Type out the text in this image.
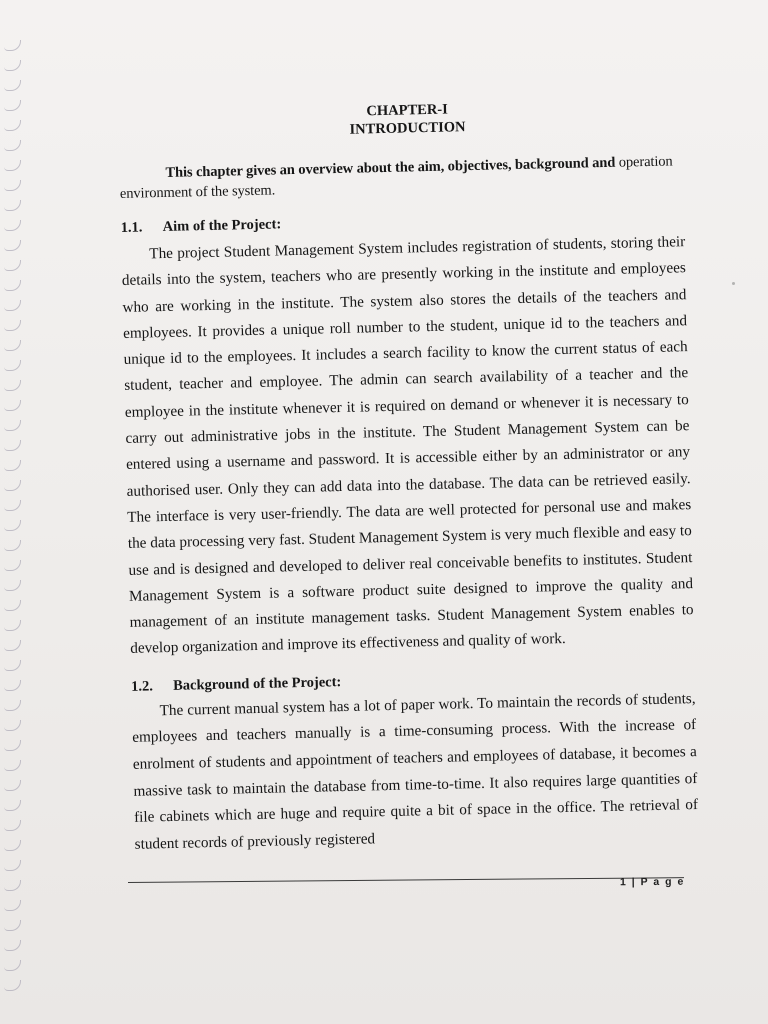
CHAPTER-I

INTRODUCTION

This chapter gives an overview about the aim, objectives, background and operation environment of the system.

1.1. Aim of the Project:

The project Student Management System includes registration of students, storing their details into the system, teachers who are presently working in the institute and employees who are working in the institute. The system also stores the details of the teachers and employees. It provides a unique roll number to the student, unique id to the teachers and unique id to the employees. It includes a search facility to know the current status of each student, teacher and employee. The admin can search availability of a teacher and the employee in the institute whenever it is required on demand or whenever it is necessary to carry out administrative jobs in the institute. The Student Management System can be entered using a username and password. It is accessible either by an administrator or any authorised user. Only they can add data into the database. The data can be retrieved easily. The interface is very user-friendly. The data are well protected for personal use and makes the data processing very fast. Student Management System is very much flexible and easy to use and is designed and developed to deliver real conceivable benefits to institutes. Student Management System is a software product suite designed to improve the quality and management of an institute management tasks. Student Management System enables to develop organization and improve its effectiveness and quality of work.

1.2. Background of the Project:

The current manual system has a lot of paper work. To maintain the records of students, employees and teachers manually is a time-consuming process. With the increase of enrolment of students and appointment of teachers and employees of database, it becomes a massive task to maintain the database from time-to-time. It also requires large quantities of file cabinets which are huge and require quite a bit of space in the office. The retrieval of student records of previously registered

1 | P a g e
